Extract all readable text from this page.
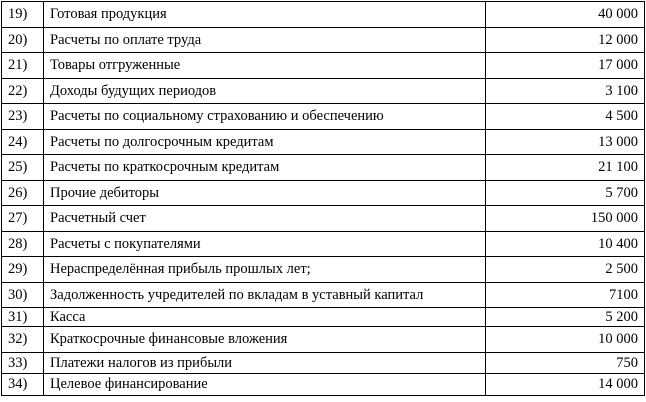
19)	Готовая продукция	40 000
20)	Расчеты по оплате труда	12 000
21)	Товары отгруженные	17 000
22)	Доходы будущих периодов	3 100
23)	Расчеты по социальному страхованию и обеспечению	4 500
24)	Расчеты по долгосрочным кредитам	13 000
25)	Расчеты по краткосрочным кредитам	21 100
26)	Прочие дебиторы	5 700
27)	Расчетный счет	150 000
28)	Расчеты с покупателями	10 400
29)	Нераспределённая прибыль прошлых лет;	2 500
30)	Задолженность учредителей по вкладам в уставный капитал	7100
31)	Касса	5 200
32)	Краткосрочные финансовые вложения	10 000
33)	Платежи налогов из прибыли	750
34)	Целевое финансирование	14 000
